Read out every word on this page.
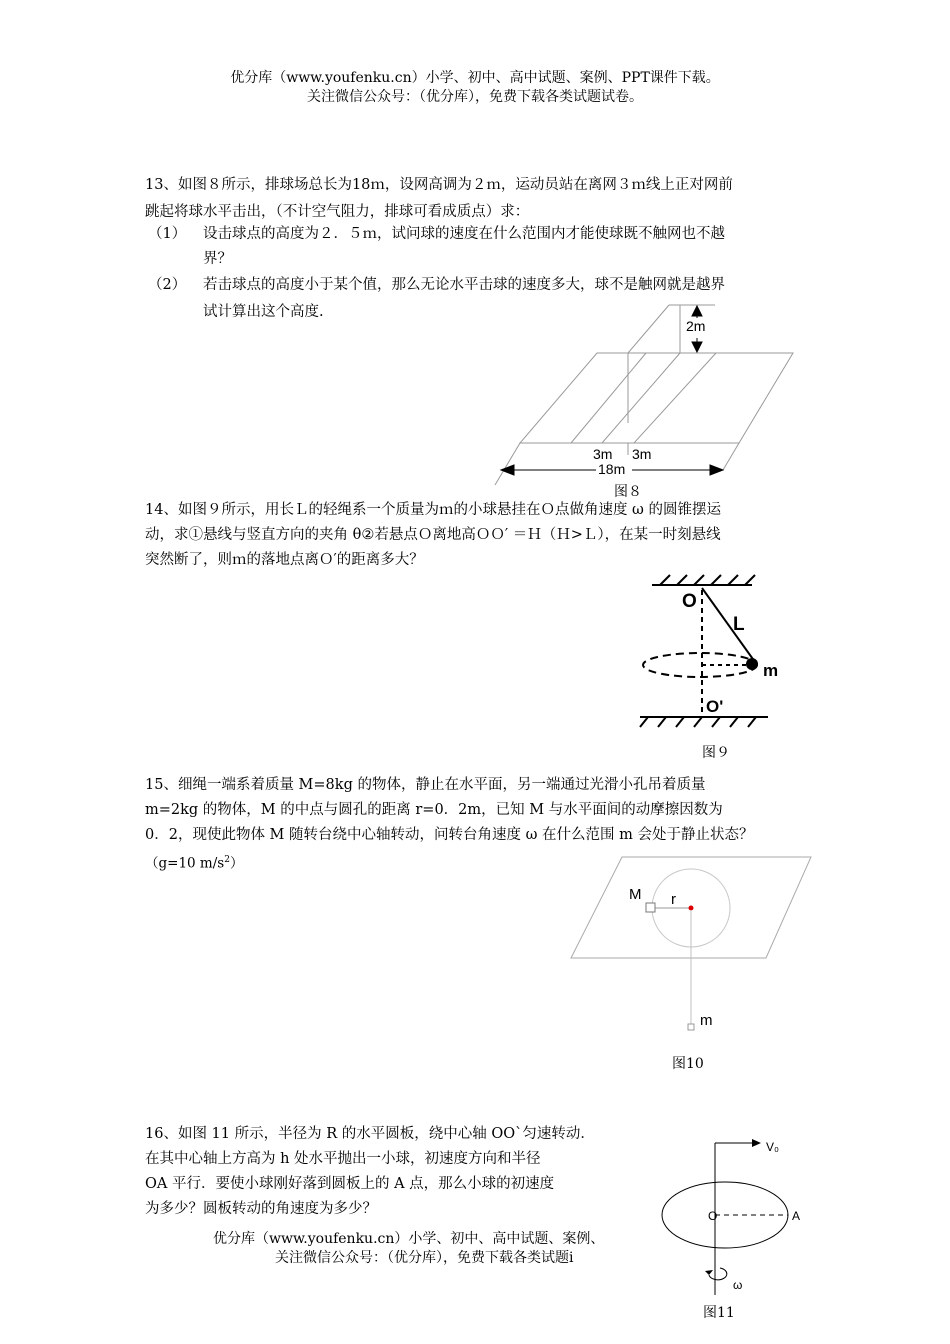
优分库（www.youfenku.cn）小学、初中、高中试题、案例、PPT课件下载。
关注微信公众号：（优分库），免费下载各类试题试卷。
13、如图８所示，排球场总长为18ｍ，设网高调为２ｍ，运动员站在离网３ｍ线上正对网前
跳起将球水平击出，（不计空气阻力，排球可看成质点）求：
（1） 设击球点的高度为２．５ｍ，试问球的速度在什么范围内才能使球既不触网也不越
界？
（2） 若击球点的高度小于某个值，那么无论水平击球的速度多大，球不是触网就是越界
试计算出这个高度.
2m
3m 3m
18m
图８
14、如图９所示，用长Ｌ的轻绳系一个质量为ｍ的小球悬挂在Ｏ点做角速度 ω 的圆锥摆运
动，求①悬线与竖直方向的夹角 θ②若悬点Ｏ离地高ＯＯ′ ＝Ｈ（Ｈ>Ｌ），在某一时刻悬线
突然断了，则ｍ的落地点离Ｏ′的距离多大？
O
L
m
O'
图９
15、细绳一端系着质量 M=8kg 的物体，静止在水平面，另一端通过光滑小孔吊着质量
m=2kg 的物体，M 的中点与圆孔的距离 r=0．2m，已知 M 与水平面间的动摩擦因数为
0．2，现使此物体 M 随转台绕中心轴转动，问转台角速度 ω 在什么范围 m 会处于静止状态？
（g=10 $m/s^2$）
M r
m
图10
16、如图 11 所示，半径为 R 的水平圆板，绕中心轴 OO`匀速转动．
在其中心轴上方高为 h 处水平抛出一小球，初速度方向和半径
OA 平行．要使小球刚好落到圆板上的 A 点，那么小球的初速度
为多少？圆板转动的角速度为多少？
V₀
O	A
ω
图11
优分库（www.youfenku.cn）小学、初中、高中试题、案例、
关注微信公众号：（优分库），免费下载各类试题i
